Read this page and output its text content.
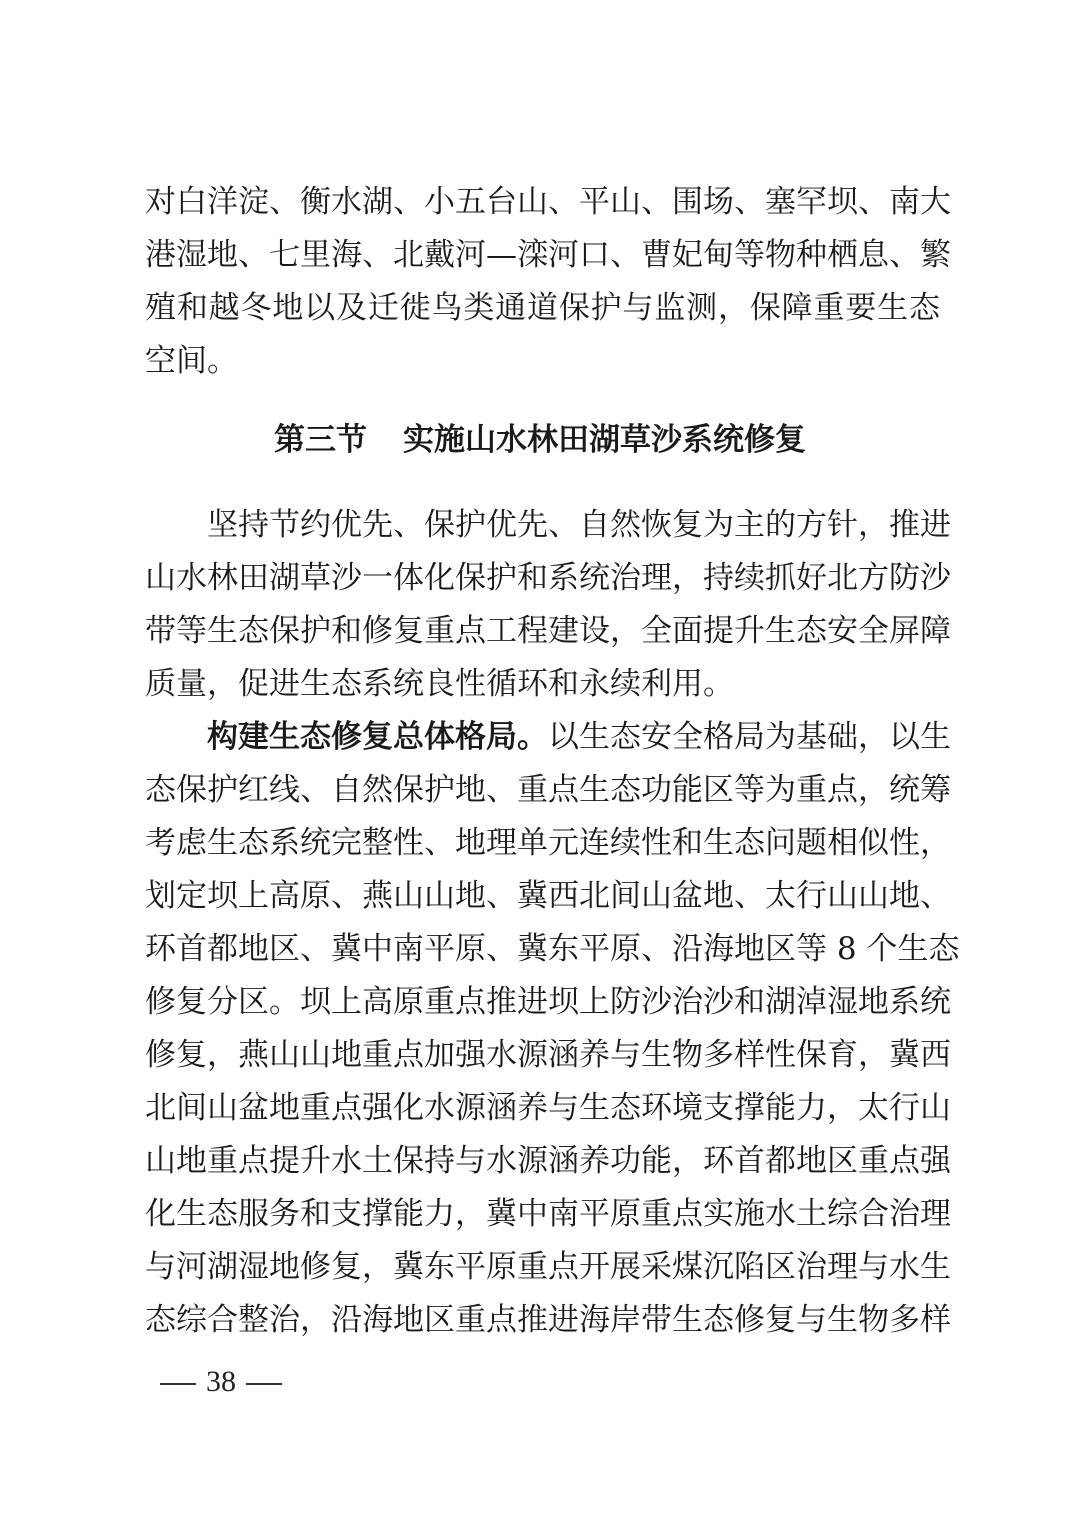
对白洋淀、衡水湖、小五台山、平山、围场、塞罕坝、南大
港湿地、七里海、北戴河—滦河口、曹妃甸等物种栖息、繁
殖和越冬地以及迁徙鸟类通道保护与监测，保障重要生态
空间。
第三节 实施山水林田湖草沙系统修复
坚持节约优先、保护优先、自然恢复为主的方针，推进
山水林田湖草沙一体化保护和系统治理，持续抓好北方防沙
带等生态保护和修复重点工程建设，全面提升生态安全屏障
质量，促进生态系统良性循环和永续利用。
构建生态修复总体格局。以生态安全格局为基础，以生
态保护红线、自然保护地、重点生态功能区等为重点，统筹
考虑生态系统完整性、地理单元连续性和生态问题相似性，
划定坝上高原、燕山山地、冀西北间山盆地、太行山山地、
环首都地区、冀中南平原、冀东平原、沿海地区等 8 个生态
修复分区。坝上高原重点推进坝上防沙治沙和湖淖湿地系统
修复，燕山山地重点加强水源涵养与生物多样性保育，冀西
北间山盆地重点强化水源涵养与生态环境支撑能力，太行山
山地重点提升水土保持与水源涵养功能，环首都地区重点强
化生态服务和支撑能力，冀中南平原重点实施水土综合治理
与河湖湿地修复，冀东平原重点开展采煤沉陷区治理与水生
态综合整治，沿海地区重点推进海岸带生态修复与生物多样
38
